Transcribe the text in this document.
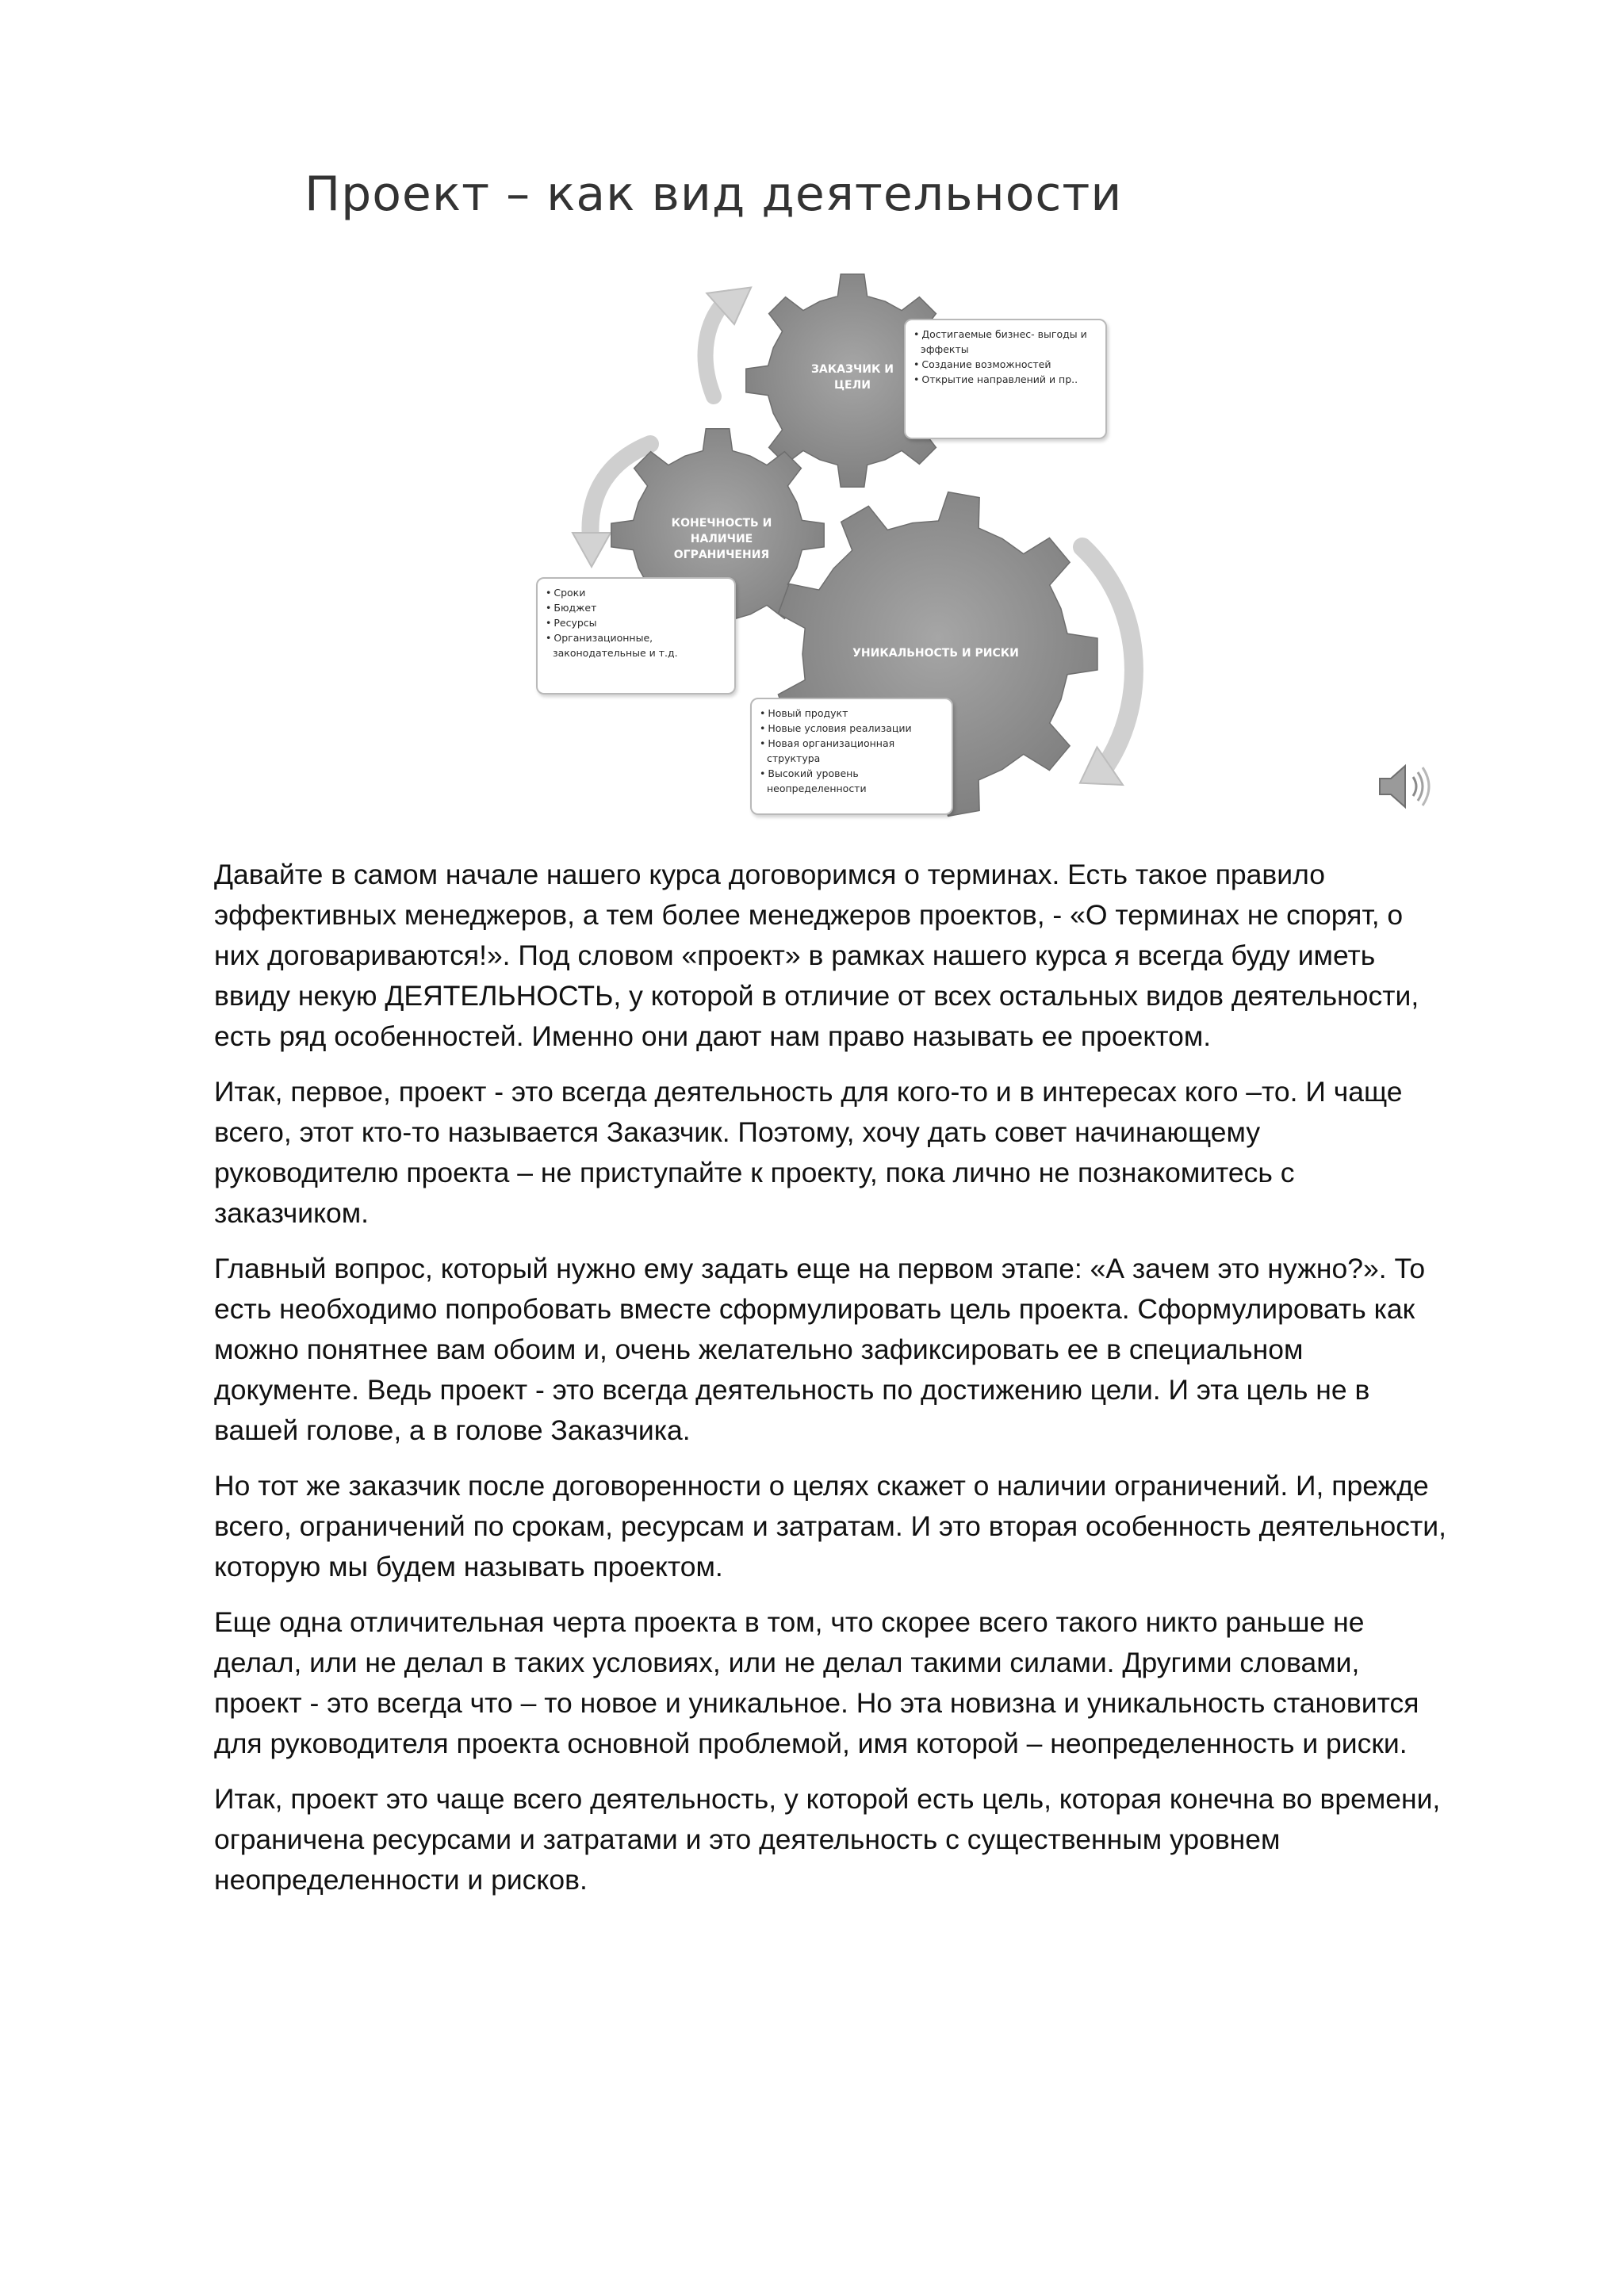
Проект – как вид деятельности
ЗАКАЗЧИК И ЦЕЛИ
КОНЕЧНОСТЬ И НАЛИЧИЕ ОГРАНИЧЕНИЯ
УНИКАЛЬНОСТЬ И РИСКИ
• Достигаемые бизнес- выгоды и эффекты
• Создание возможностей
• Открытие направлений и пр..
• Сроки
• Бюджет
• Ресурсы
• Организационные, законодательные и т.д.
• Новый продукт
• Новые условия реализации
• Новая организационная структура
• Высокий уровень неопределенности

Давайте в самом начале нашего курса договоримся о терминах. Есть такое правило эффективных менеджеров, а тем более менеджеров проектов, - «О терминах не спорят, о них договариваются!». Под словом «проект» в рамках нашего курса я всегда буду иметь ввиду некую ДЕЯТЕЛЬНОСТЬ, у которой в отличие от всех остальных видов деятельности, есть ряд особенностей. Именно они дают нам право называть ее проектом.

Итак, первое, проект - это всегда деятельность для кого-то и в интересах кого –то. И чаще всего, этот кто-то называется Заказчик. Поэтому, хочу дать совет начинающему руководителю проекта – не приступайте к проекту, пока лично не познакомитесь с заказчиком.

Главный вопрос, который нужно ему задать еще на первом этапе: «А зачем это нужно?». То есть необходимо попробовать вместе сформулировать цель проекта. Сформулировать как можно понятнее вам обоим и, очень желательно зафиксировать ее в специальном документе. Ведь проект - это всегда деятельность по достижению цели. И эта цель не в вашей голове, а в голове Заказчика.

Но тот же заказчик после договоренности о целях скажет о наличии ограничений. И, прежде всего, ограничений по срокам, ресурсам и затратам. И это вторая особенность деятельности, которую мы будем называть проектом.

Еще одна отличительная черта проекта в том, что скорее всего такого никто раньше не делал, или не делал в таких условиях, или не делал такими силами. Другими словами, проект - это всегда что – то новое и уникальное. Но эта новизна и уникальность становится для руководителя проекта основной проблемой, имя которой – неопределенность и риски.

Итак, проект это чаще всего деятельность, у которой есть цель, которая конечна во времени, ограничена ресурсами и затратами и это деятельность с существенным уровнем неопределенности и рисков.
